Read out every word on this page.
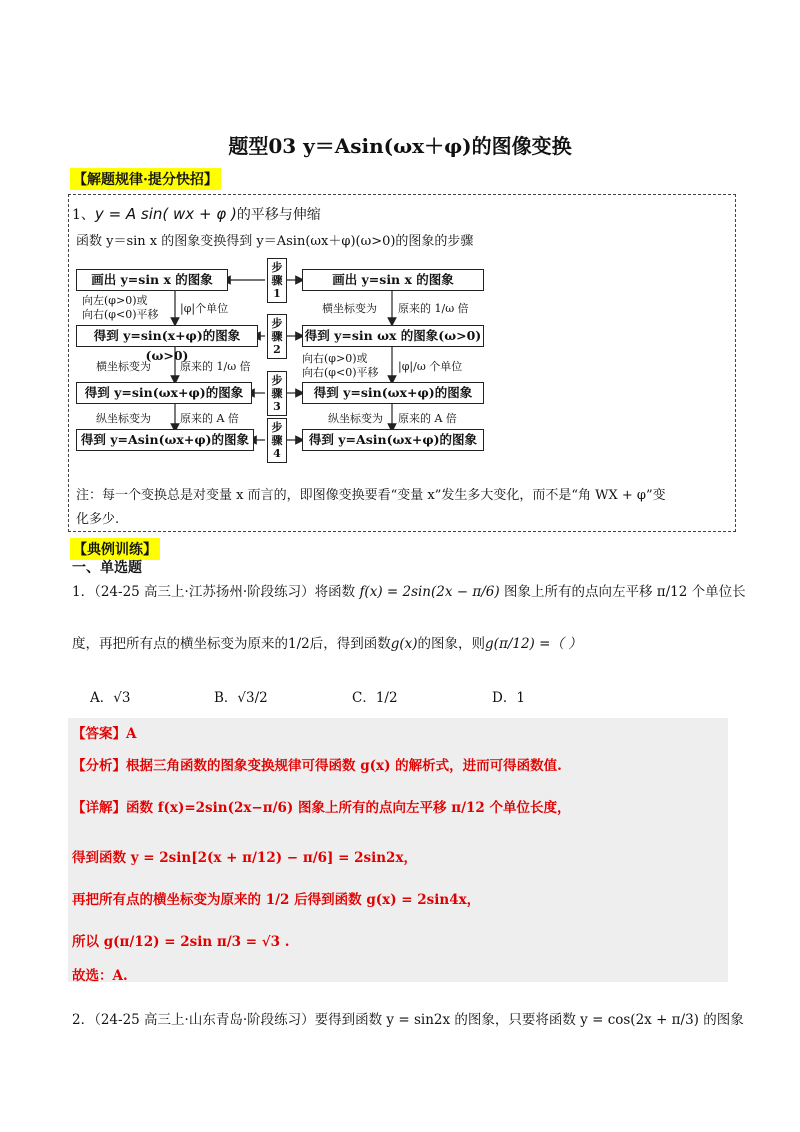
题型03 y＝Asin(ωx＋φ)的图像变换
【解题规律·提分快招】
1、y = A sin( wx + φ )的平移与伸缩
函数 y＝sin x 的图象变换得到 y＝Asin(ωx＋φ)(ω>0)的图象的步骤
画出 y=sin x 的图象
得到 y=sin(x+φ)的图象(ω>0)
得到 y=sin(ωx+φ)的图象
得到 y=Asin(ωx+φ)的图象
画出 y=sin x 的图象
得到 y=sin ωx 的图象(ω>0)
得到 y=sin(ωx+φ)的图象
得到 y=Asin(ωx+φ)的图象
步骤1
步骤2
步骤3
步骤4
向左(φ>0)或
向右(φ<0)平移 |φ|个单位
横坐标变为	原来的 1/ω 倍
纵坐标变为	原来的 A 倍
横坐标变为 原来的 1/ω 倍
向右(φ>0)或
向右(φ<0)平移 |φ|/ω 个单位
纵坐标变为 原来的 A 倍
注：每一个变换总是对变量 x 而言的，即图像变换要看“变量 x”发生多大变化，而不是“角 WX + φ”变
化多少.
【典例训练】
一、单选题
1．（24-25 高三上·江苏扬州·阶段练习）将函数 f(x) = 2sin(2x − π/6) 图象上所有的点向左平移 π/12 个单位长
度，再把所有点的横坐标变为原来的1/2后，得到函数g(x)的图象，则g(π/12) =（ ）
A．√3	B．√3/2	C．1/2	D．1
【答案】A
【分析】根据三角函数的图象变换规律可得函数 g(x) 的解析式，进而可得函数值.
【详解】函数 f(x)=2sin(2x−π/6) 图象上所有的点向左平移 π/12 个单位长度，
得到函数 y = 2sin[2(x + π/12) − π/6] = 2sin2x，
再把所有点的横坐标变为原来的 1/2 后得到函数 g(x) = 2sin4x，
所以 g(π/12) = 2sin π/3 = √3 .
故选：A.
2．（24-25 高三上·山东青岛·阶段练习）要得到函数 y = sin2x 的图象，只要将函数 y = cos(2x + π/3) 的图象
